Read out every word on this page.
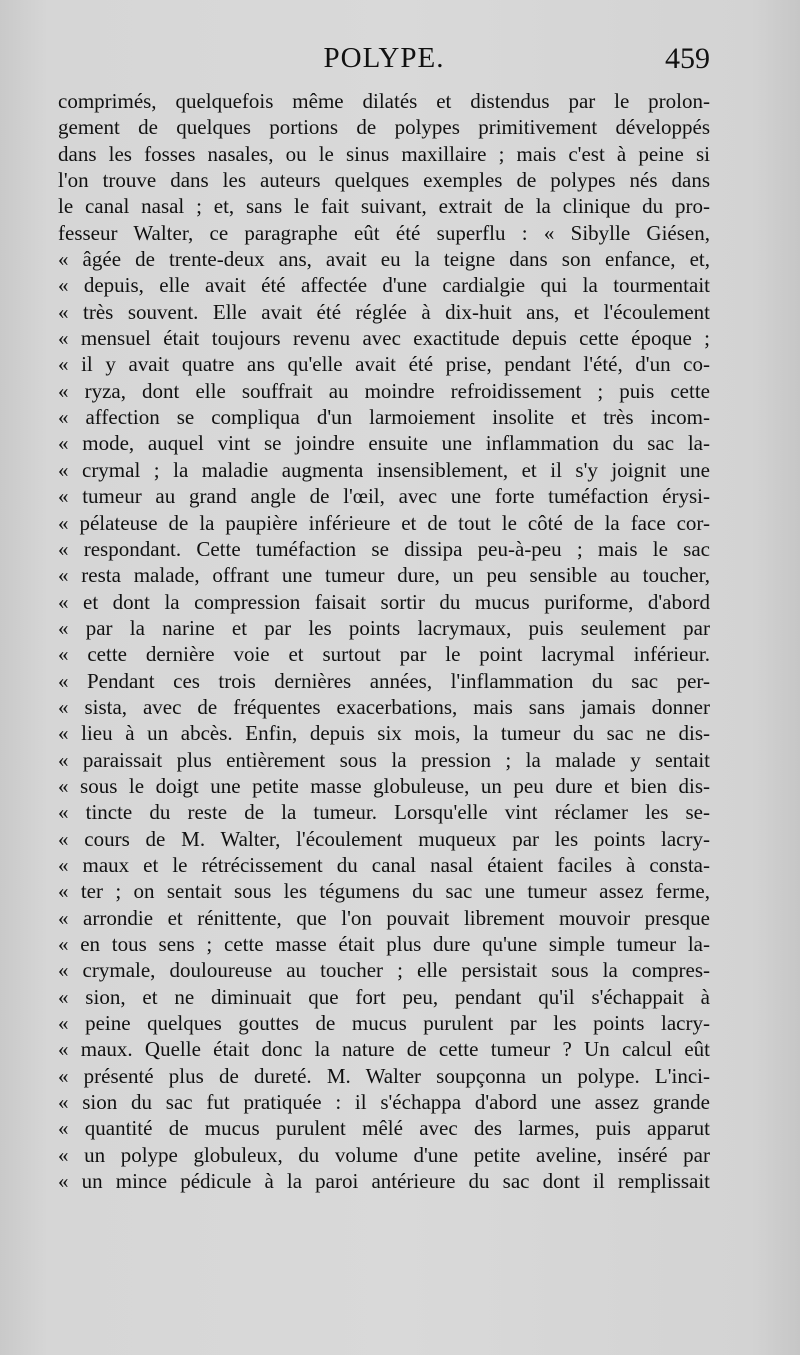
POLYPE.	459
comprimés, quelquefois même dilatés et distendus par le prolon-
gement de quelques portions de polypes primitivement développés
dans les fosses nasales, ou le sinus maxillaire ; mais c'est à peine si
l'on trouve dans les auteurs quelques exemples de polypes nés dans
le canal nasal ; et, sans le fait suivant, extrait de la clinique du pro-
fesseur Walter, ce paragraphe eût été superflu : « Sibylle Giésen,
« âgée de trente-deux ans, avait eu la teigne dans son enfance, et,
« depuis, elle avait été affectée d'une cardialgie qui la tourmentait
« très souvent. Elle avait été réglée à dix-huit ans, et l'écoulement
« mensuel était toujours revenu avec exactitude depuis cette époque ;
« il y avait quatre ans qu'elle avait été prise, pendant l'été, d'un co-
« ryza, dont elle souffrait au moindre refroidissement ; puis cette
« affection se compliqua d'un larmoiement insolite et très incom-
« mode, auquel vint se joindre ensuite une inflammation du sac la-
« crymal ; la maladie augmenta insensiblement, et il s'y joignit une
« tumeur au grand angle de l'œil, avec une forte tuméfaction érysi-
« pélateuse de la paupière inférieure et de tout le côté de la face cor-
« respondant. Cette tuméfaction se dissipa peu-à-peu ; mais le sac
« resta malade, offrant une tumeur dure, un peu sensible au toucher,
« et dont la compression faisait sortir du mucus puriforme, d'abord
« par la narine et par les points lacrymaux, puis seulement par
« cette dernière voie et surtout par le point lacrymal inférieur.
« Pendant ces trois dernières années, l'inflammation du sac per-
« sista, avec de fréquentes exacerbations, mais sans jamais donner
« lieu à un abcès. Enfin, depuis six mois, la tumeur du sac ne dis-
« paraissait plus entièrement sous la pression ; la malade y sentait
« sous le doigt une petite masse globuleuse, un peu dure et bien dis-
« tincte du reste de la tumeur. Lorsqu'elle vint réclamer les se-
« cours de M. Walter, l'écoulement muqueux par les points lacry-
« maux et le rétrécissement du canal nasal étaient faciles à consta-
« ter ; on sentait sous les tégumens du sac une tumeur assez ferme,
« arrondie et rénittente, que l'on pouvait librement mouvoir presque
« en tous sens ; cette masse était plus dure qu'une simple tumeur la-
« crymale, douloureuse au toucher ; elle persistait sous la compres-
« sion, et ne diminuait que fort peu, pendant qu'il s'échappait à
« peine quelques gouttes de mucus purulent par les points lacry-
« maux. Quelle était donc la nature de cette tumeur ? Un calcul eût
« présenté plus de dureté. M. Walter soupçonna un polype. L'inci-
« sion du sac fut pratiquée : il s'échappa d'abord une assez grande
« quantité de mucus purulent mêlé avec des larmes, puis apparut
« un polype globuleux, du volume d'une petite aveline, inséré par
« un mince pédicule à la paroi antérieure du sac dont il remplissait
